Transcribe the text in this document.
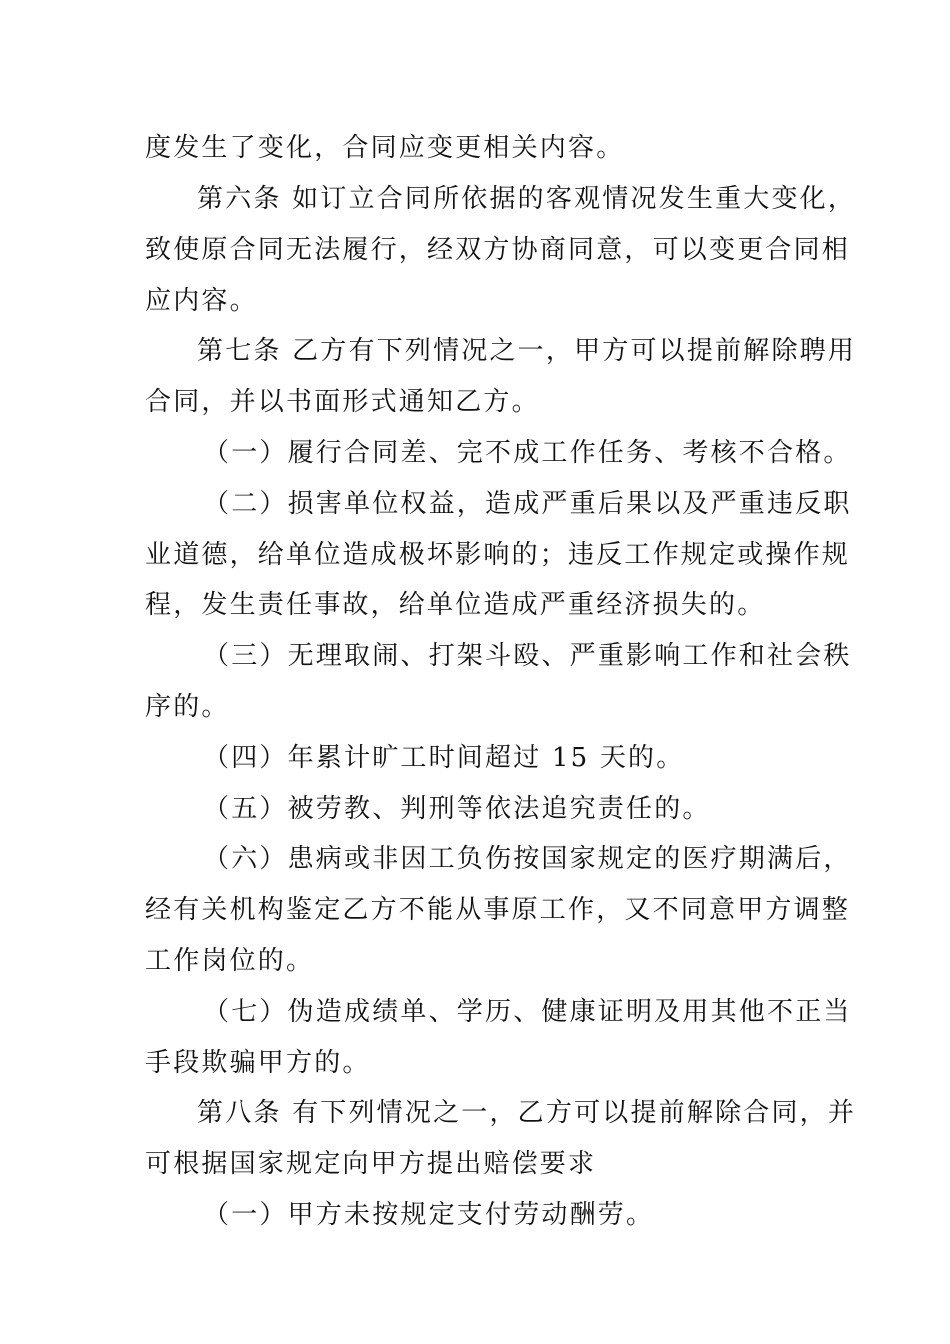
度发生了变化，合同应变更相关内容。
第六条 如订立合同所依据的客观情况发生重大变化，
致使原合同无法履行，经双方协商同意，可以变更合同相
应内容。
第七条 乙方有下列情况之一，甲方可以提前解除聘用
合同，并以书面形式通知乙方。
（一）履行合同差、完不成工作任务、考核不合格。
（二）损害单位权益，造成严重后果以及严重违反职
业道德，给单位造成极坏影响的；违反工作规定或操作规
程，发生责任事故，给单位造成严重经济损失的。
（三）无理取闹、打架斗殴、严重影响工作和社会秩
序的。
（四）年累计旷工时间超过 15 天的。
（五）被劳教、判刑等依法追究责任的。
（六）患病或非因工负伤按国家规定的医疗期满后，
经有关机构鉴定乙方不能从事原工作，又不同意甲方调整
工作岗位的。
（七）伪造成绩单、学历、健康证明及用其他不正当
手段欺骗甲方的。
第八条 有下列情况之一，乙方可以提前解除合同，并
可根据国家规定向甲方提出赔偿要求
（一）甲方未按规定支付劳动酬劳。
